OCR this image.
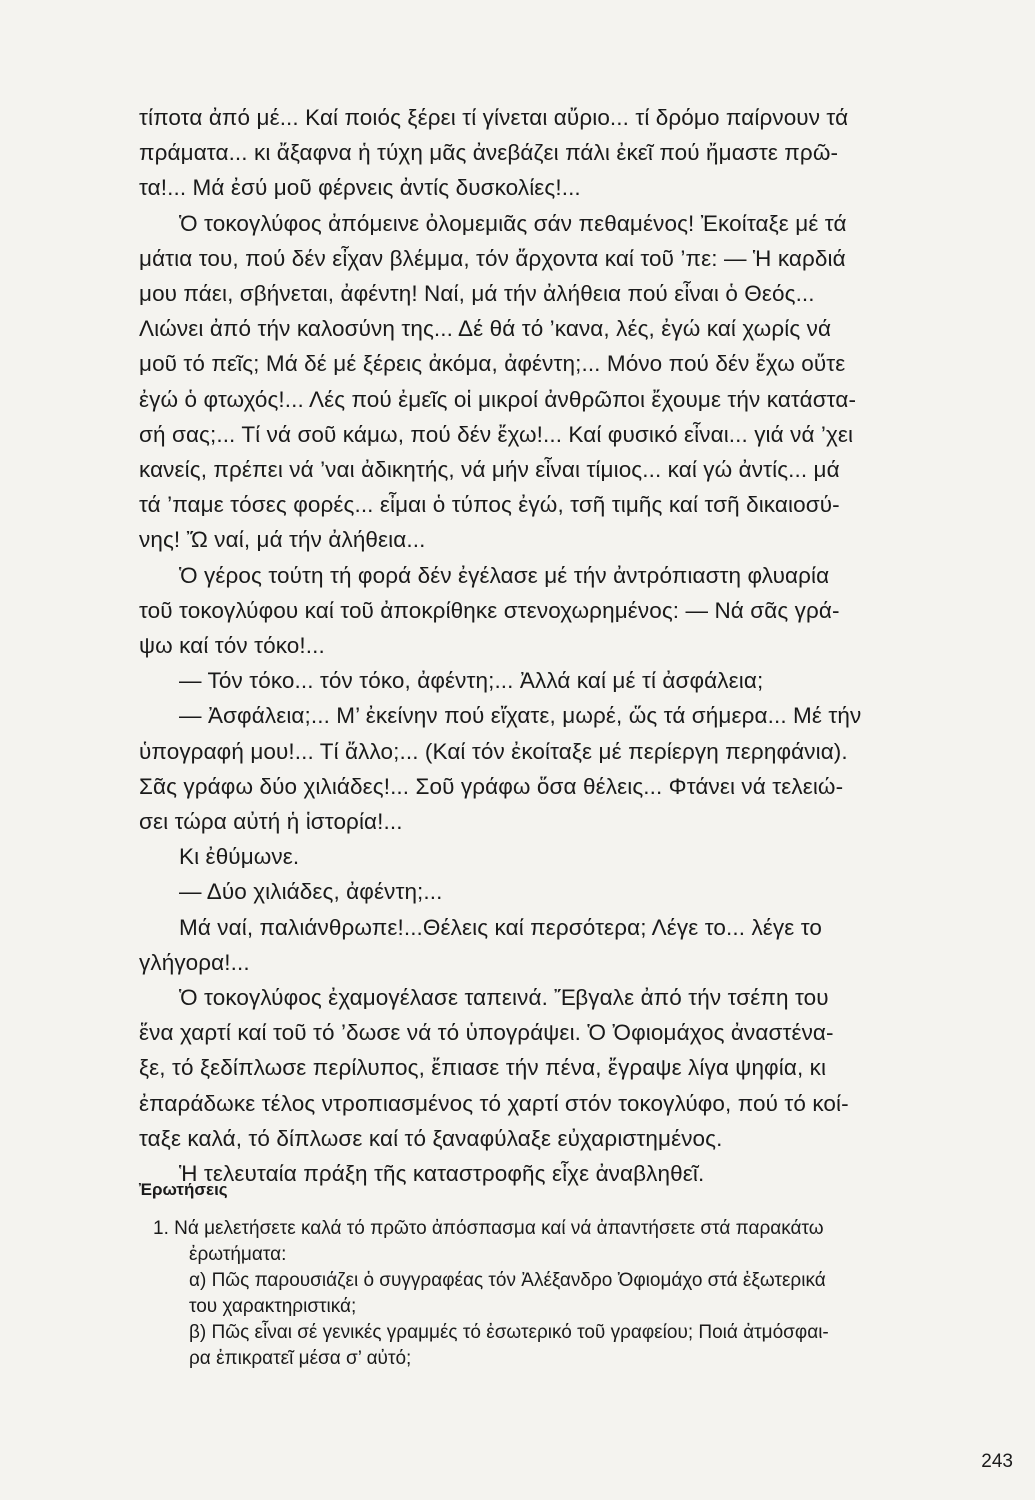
τίποτα ἀπό μέ... Καί ποιός ξέρει τί γίνεται αὔριο... τί δρόμο παίρνουν τά
πράματα... κι ἄξαφνα ἡ τύχη μᾶς ἀνεβάζει πάλι ἐκεῖ πού ἤμαστε πρῶ-
τα!... Μά ἐσύ μοῦ φέρνεις ἀντίς δυσκολίες!...
Ὁ τοκογλύφος ἀπόμεινε ὀλομεμιᾶς σάν πεθαμένος! Ἐκοίταξε μέ τά
μάτια του, πού δέν εἶχαν βλέμμα, τόν ἄρχοντα καί τοῦ ’πε: — Ἡ καρδιά
μου πάει, σβήνεται, ἀφέντη! Ναί, μά τήν ἀλήθεια πού εἶναι ὁ Θεός...
Λιώνει ἀπό τήν καλοσύνη της... Δέ θά τό ’κανα, λές, ἐγώ καί χωρίς νά
μοῦ τό πεῖς; Μά δέ μέ ξέρεις ἀκόμα, ἀφέντη;... Μόνο πού δέν ἔχω οὔτε
ἐγώ ὁ φτωχός!... Λές πού ἐμεῖς οἱ μικροί ἀνθρῶποι ἔχουμε τήν κατάστα-
σή σας;... Τί νά σοῦ κάμω, πού δέν ἔχω!... Καί φυσικό εἶναι... γιά νά ’χει
κανείς, πρέπει νά ’ναι ἀδικητής, νά μήν εἶναι τίμιος... καί γώ ἀντίς... μά
τά ’παμε τόσες φορές... εἶμαι ὁ τύπος ἐγώ, τσῆ τιμῆς καί τσῆ δικαιοσύ-
νης! Ὤ ναί, μά τήν ἀλήθεια...
Ὁ γέρος τούτη τή φορά δέν ἐγέλασε μέ τήν ἀντρόπιαστη φλυαρία
τοῦ τοκογλύφου καί τοῦ ἀποκρίθηκε στενοχωρημένος: — Νά σᾶς γρά-
ψω καί τόν τόκο!...
— Τόν τόκο... τόν τόκο, ἀφέντη;... Ἀλλά καί μέ τί ἀσφάλεια;
— Ἀσφάλεια;... Μ’ ἐκείνην πού εἴχατε, μωρέ, ὥς τά σήμερα... Μέ τήν
ὑπογραφή μου!... Τί ἄλλο;... (Καί τόν ἐκοίταξε μέ περίεργη περηφάνια).
Σᾶς γράφω δύο χιλιάδες!... Σοῦ γράφω ὅσα θέλεις... Φτάνει νά τελειώ-
σει τώρα αὐτή ἡ ἱστορία!...
Κι ἐθύμωνε.
— Δύο χιλιάδες, ἀφέντη;...
Μά ναί, παλιάνθρωπε!...Θέλεις καί περσότερα; Λέγε το... λέγε το
γλήγορα!...
Ὁ τοκογλύφος ἐχαμογέλασε ταπεινά. Ἔβγαλε ἀπό τήν τσέπη του
ἕνα χαρτί καί τοῦ τό ’δωσε νά τό ὑπογράψει. Ὁ Ὀφιομάχος ἀναστένα-
ξε, τό ξεδίπλωσε περίλυπος, ἔπιασε τήν πένα, ἔγραψε λίγα ψηφία, κι
ἐπαράδωκε τέλος ντροπιασμένος τό χαρτί στόν τοκογλύφο, πού τό κοί-
ταξε καλά, τό δίπλωσε καί τό ξαναφύλαξε εὐχαριστημένος.
Ἡ τελευταία πράξη τῆς καταστροφῆς εἶχε ἀναβληθεῖ.
Ἐρωτήσεις
1. Νά μελετήσετε καλά τό πρῶτο ἀπόσπασμα καί νά ἀπαντήσετε στά παρακάτω
ἐρωτήματα:
α) Πῶς παρουσιάζει ὁ συγγραφέας τόν Ἀλέξανδρο Ὀφιομάχο στά ἐξωτερικά
του χαρακτηριστικά;
β) Πῶς εἶναι σέ γενικές γραμμές τό ἐσωτερικό τοῦ γραφείου; Ποιά ἀτμόσφαι-
ρα ἐπικρατεῖ μέσα σ’ αὐτό;
243
